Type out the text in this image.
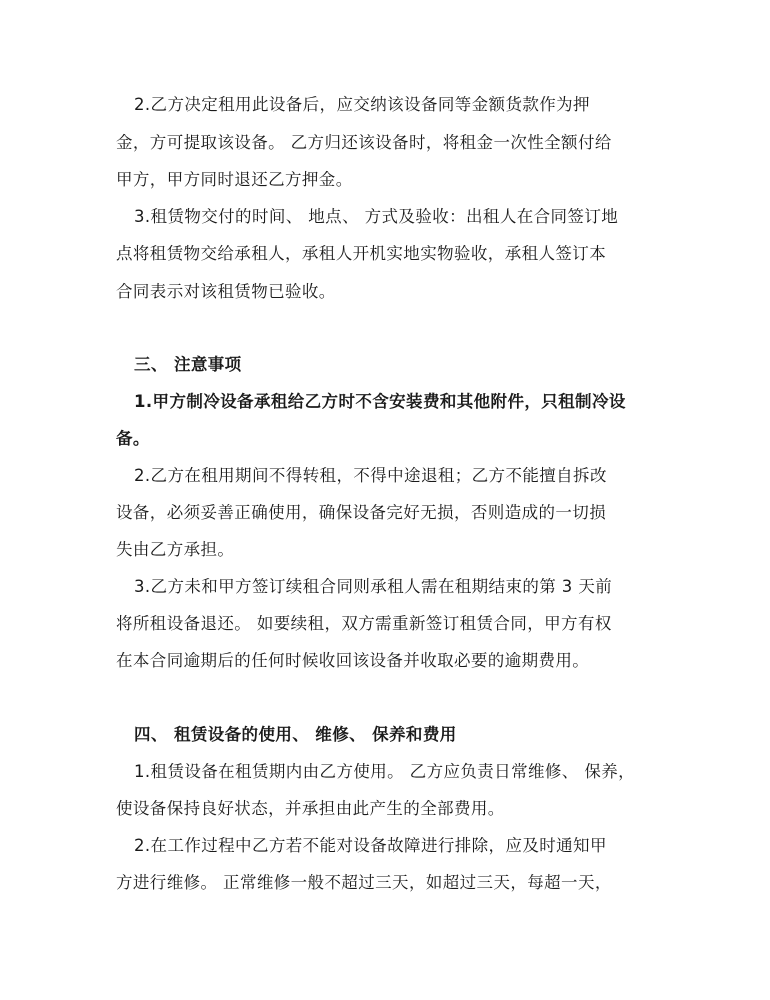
2.乙方决定租用此设备后，应交纳该设备同等金额货款作为押
金，方可提取该设备。 乙方归还该设备时，将租金一次性全额付给
甲方，甲方同时退还乙方押金。
3.租赁物交付的时间、 地点、 方式及验收：出租人在合同签订地
点将租赁物交给承租人，承租人开机实地实物验收，承租人签订本
合同表示对该租赁物已验收。
三、 注意事项
1.甲方制冷设备承租给乙方时不含安装费和其他附件，只租制冷设
备。
2.乙方在租用期间不得转租，不得中途退租；乙方不能擅自拆改
设备，必须妥善正确使用，确保设备完好无损，否则造成的一切损
失由乙方承担。
3.乙方未和甲方签订续租合同则承租人需在租期结束的第 3 天前
将所租设备退还。 如要续租，双方需重新签订租赁合同，甲方有权
在本合同逾期后的任何时候收回该设备并收取必要的逾期费用。
四、 租赁设备的使用、 维修、 保养和费用
1.租赁设备在租赁期内由乙方使用。 乙方应负责日常维修、 保养，
使设备保持良好状态，并承担由此产生的全部费用。
2.在工作过程中乙方若不能对设备故障进行排除，应及时通知甲
方进行维修。 正常维修一般不超过三天，如超过三天，每超一天，
